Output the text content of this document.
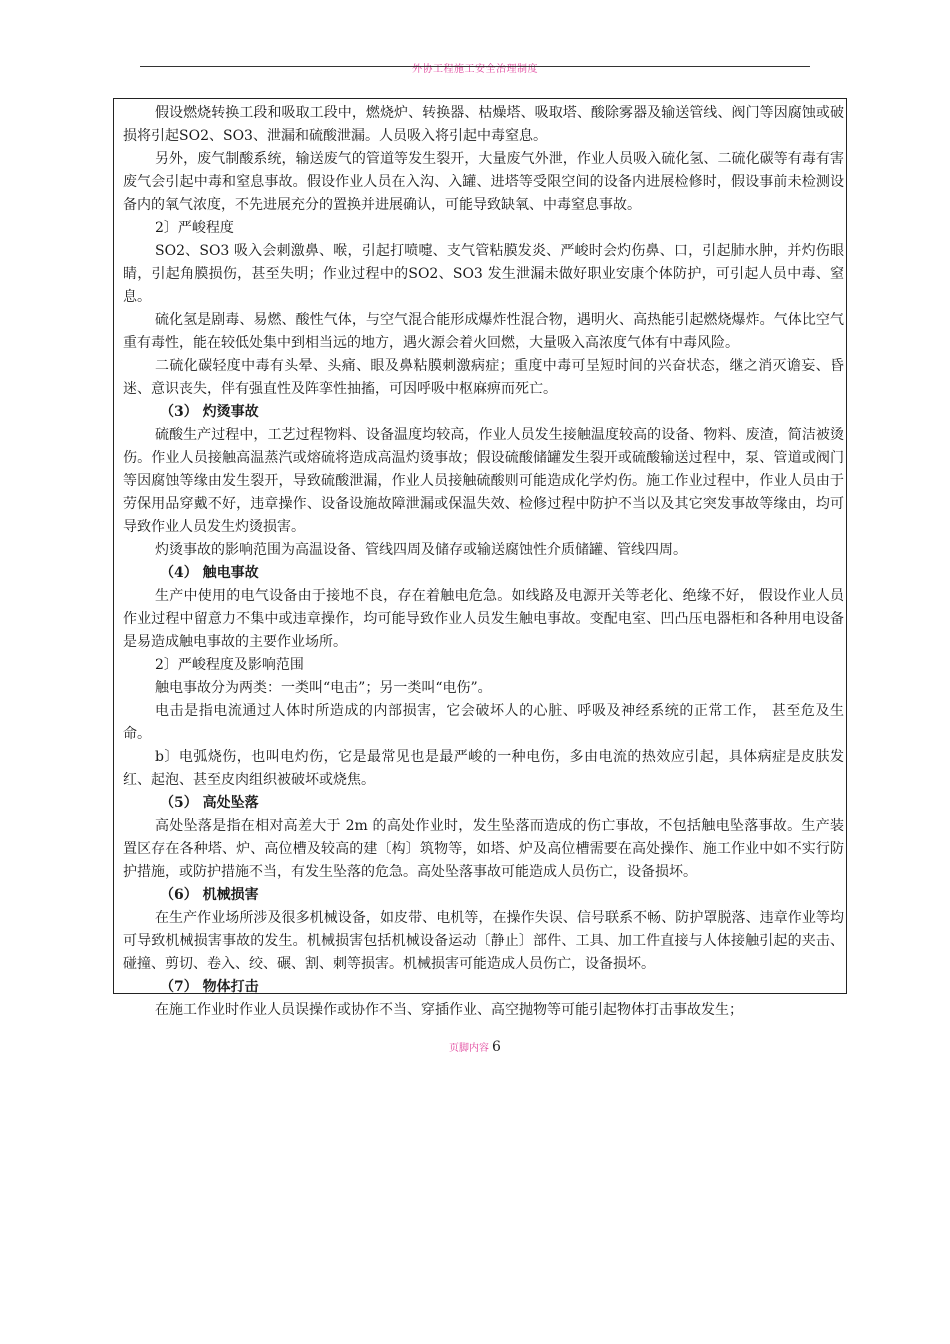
外协工程施工安全治理制度

假设燃烧转换工段和吸取工段中，燃烧炉、转换器、枯燥塔、吸取塔、酸除雾器及输送管线、阀门等因腐蚀或破损将引起SO2、SO3、泄漏和硫酸泄漏。人员吸入将引起中毒窒息。

另外，废气制酸系统，输送废气的管道等发生裂开，大量废气外泄，作业人员吸入硫化氢、二硫化碳等有毒有害废气会引起中毒和窒息事故。假设作业人员在入沟、入罐、进塔等受限空间的设备内进展检修时，假设事前未检测设备内的氧气浓度，不先进展充分的置换并进展确认，可能导致缺氧、中毒窒息事故。

2〕严峻程度

SO2、SO3 吸入会刺激鼻、喉，引起打喷嚏、支气管粘膜发炎、严峻时会灼伤鼻、口，引起肺水肿，并灼伤眼睛，引起角膜损伤，甚至失明；作业过程中的SO2、SO3 发生泄漏未做好职业安康个体防护，可引起人员中毒、窒息。

硫化氢是剧毒、易燃、酸性气体，与空气混合能形成爆炸性混合物，遇明火、高热能引起燃烧爆炸。气体比空气重有毒性，能在较低处集中到相当远的地方，遇火源会着火回燃，大量吸入高浓度气体有中毒风险。

二硫化碳轻度中毒有头晕、头痛、眼及鼻粘膜刺激病症；重度中毒可呈短时间的兴奋状态，继之消灭谵妄、昏迷、意识丧失，伴有强直性及阵挛性抽搐，可因呼吸中枢麻痹而死亡。

（3） 灼烫事故

硫酸生产过程中，工艺过程物料、设备温度均较高，作业人员发生接触温度较高的设备、物料、废渣，简洁被烫伤。作业人员接触高温蒸汽或熔硫将造成高温灼烫事故；假设硫酸储罐发生裂开或硫酸输送过程中，泵、管道或阀门等因腐蚀等缘由发生裂开，导致硫酸泄漏，作业人员接触硫酸则可能造成化学灼伤。施工作业过程中，作业人员由于劳保用品穿戴不好，违章操作、设备设施故障泄漏或保温失效、检修过程中防护不当以及其它突发事故等缘由，均可导致作业人员发生灼烫损害。

灼烫事故的影响范围为高温设备、管线四周及储存或输送腐蚀性介质储罐、管线四周。

（4） 触电事故

生产中使用的电气设备由于接地不良，存在着触电危急。如线路及电源开关等老化、绝缘不好， 假设作业人员作业过程中留意力不集中或违章操作，均可能导致作业人员发生触电事故。变配电室、凹凸压电器柜和各种用电设备是易造成触电事故的主要作业场所。

2〕严峻程度及影响范围

触电事故分为两类：一类叫“电击”；另一类叫“电伤”。

电击是指电流通过人体时所造成的内部损害，它会破坏人的心脏、呼吸及神经系统的正常工作， 甚至危及生命。

b〕电弧烧伤，也叫电灼伤，它是最常见也是最严峻的一种电伤，多由电流的热效应引起，具体病症是皮肤发红、起泡、甚至皮肉组织被破坏或烧焦。

（5） 高处坠落

高处坠落是指在相对高差大于 2m 的高处作业时，发生坠落而造成的伤亡事故，不包括触电坠落事故。生产装置区存在各种塔、炉、高位槽及较高的建〔构〕筑物等，如塔、炉及高位槽需要在高处操作、施工作业中如不实行防护措施，或防护措施不当，有发生坠落的危急。高处坠落事故可能造成人员伤亡，设备损坏。

（6） 机械损害

在生产作业场所涉及很多机械设备，如皮带、电机等，在操作失误、信号联系不畅、防护罩脱落、违章作业等均可导致机械损害事故的发生。机械损害包括机械设备运动〔静止〕部件、工具、加工件直接与人体接触引起的夹击、碰撞、剪切、卷入、绞、碾、割、刺等损害。机械损害可能造成人员伤亡，设备损坏。

（7） 物体打击

在施工作业时作业人员误操作或协作不当、穿插作业、高空抛物等可能引起物体打击事故发生；

页脚内容 6
